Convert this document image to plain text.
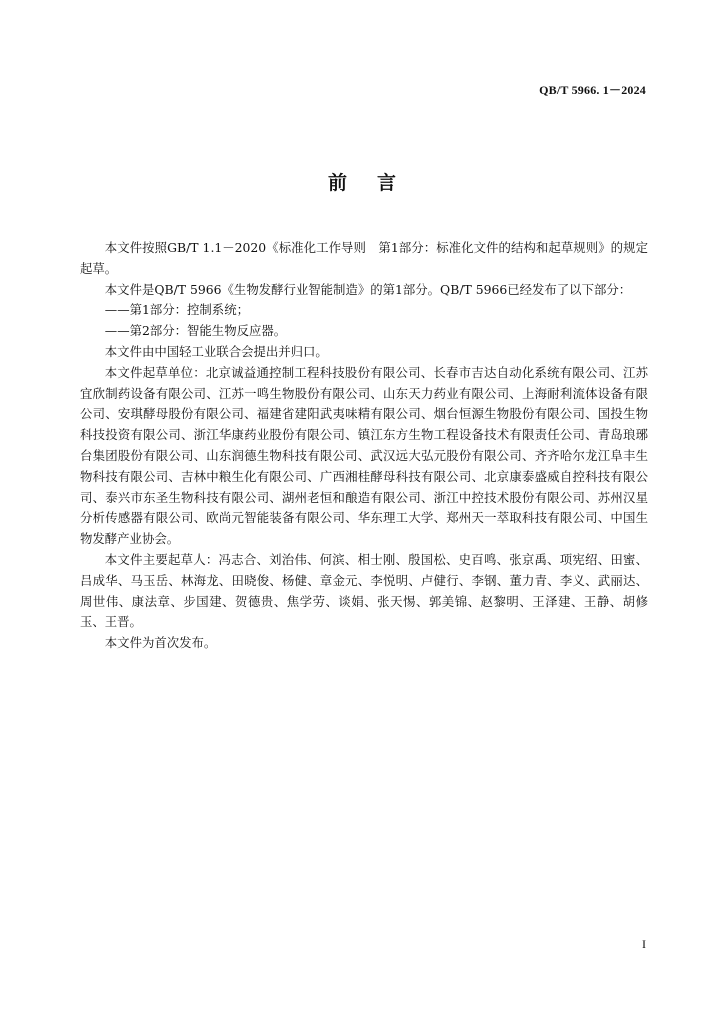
QB/T 5966. 1－2024
前言

本文件按照GB/T 1.1－2020《标准化工作导则　第1部分：标准化文件的结构和起草规则》的规定起草。

本文件是QB/T 5966《生物发酵行业智能制造》的第1部分。QB/T 5966已经发布了以下部分：

——第1部分：控制系统；

——第2部分：智能生物反应器。

本文件由中国轻工业联合会提出并归口。

本文件起草单位：北京诚益通控制工程科技股份有限公司、长春市吉达自动化系统有限公司、江苏宜欣制药设备有限公司、江苏一鸣生物股份有限公司、山东天力药业有限公司、上海耐利流体设备有限公司、安琪酵母股份有限公司、福建省建阳武夷味精有限公司、烟台恒源生物股份有限公司、国投生物科技投资有限公司、浙江华康药业股份有限公司、镇江东方生物工程设备技术有限责任公司、青岛琅琊台集团股份有限公司、山东润德生物科技有限公司、武汉远大弘元股份有限公司、齐齐哈尔龙江阜丰生物科技有限公司、吉林中粮生化有限公司、广西湘桂酵母科技有限公司、北京康泰盛威自控科技有限公司、泰兴市东圣生物科技有限公司、湖州老恒和酿造有限公司、浙江中控技术股份有限公司、苏州汉星分析传感器有限公司、欧尚元智能装备有限公司、华东理工大学、郑州天一萃取科技有限公司、中国生物发酵产业协会。

本文件主要起草人：冯志合、刘治伟、何滨、相士刚、殷国松、史百鸣、张京禹、项宪绍、田蜜、吕成华、马玉岳、林海龙、田晓俊、杨健、章金元、李悦明、卢健行、李钢、董力青、李义、武丽达、周世伟、康法章、步国建、贺德贵、焦学劳、谈娟、张天惕、郭美锦、赵黎明、王泽建、王静、胡修玉、王晋。

本文件为首次发布。

I
